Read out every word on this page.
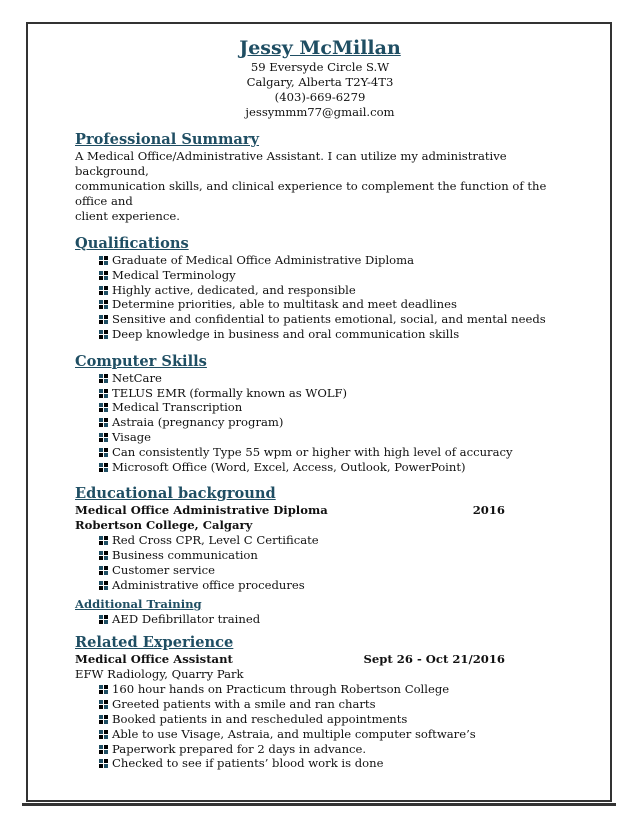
Jessy McMillan

59 Eversyde Circle S.W

Calgary, Alberta T2Y-4T3

(403)-669-6279

jessymmm77@gmail.com

Professional Summary

A Medical Office/Administrative Assistant. I can utilize my administrative background,

communication skills, and clinical experience to complement the function of the office and

client experience.

Qualifications

Graduate of Medical Office Administrative Diploma
Medical Terminology
Highly active, dedicated, and responsible
Determine priorities, able to multitask and meet deadlines
Sensitive and confidential to patients emotional, social, and mental needs
Deep knowledge in business and oral communication skills

Computer Skills

NetCare
TELUS EMR (formally known as WOLF)
Medical Transcription
Astraia (pregnancy program)
Visage
Can consistently Type 55 wpm or higher with high level of accuracy
Microsoft Office (Word, Excel, Access, Outlook, PowerPoint)

Educational background

Medical Office Administrative Diploma	2016

Robertson College, Calgary

Red Cross CPR, Level C Certificate
Business communication
Customer service
Administrative office procedures

Additional Training

AED Defibrillator trained

Related Experience

Medical Office Assistant	Sept 26 - Oct 21/2016

EFW Radiology, Quarry Park

160 hour hands on Practicum through Robertson College
Greeted patients with a smile and ran charts
Booked patients in and rescheduled appointments
Able to use Visage, Astraia, and multiple computer software’s
Paperwork prepared for 2 days in advance.
Checked to see if patients’ blood work is done
